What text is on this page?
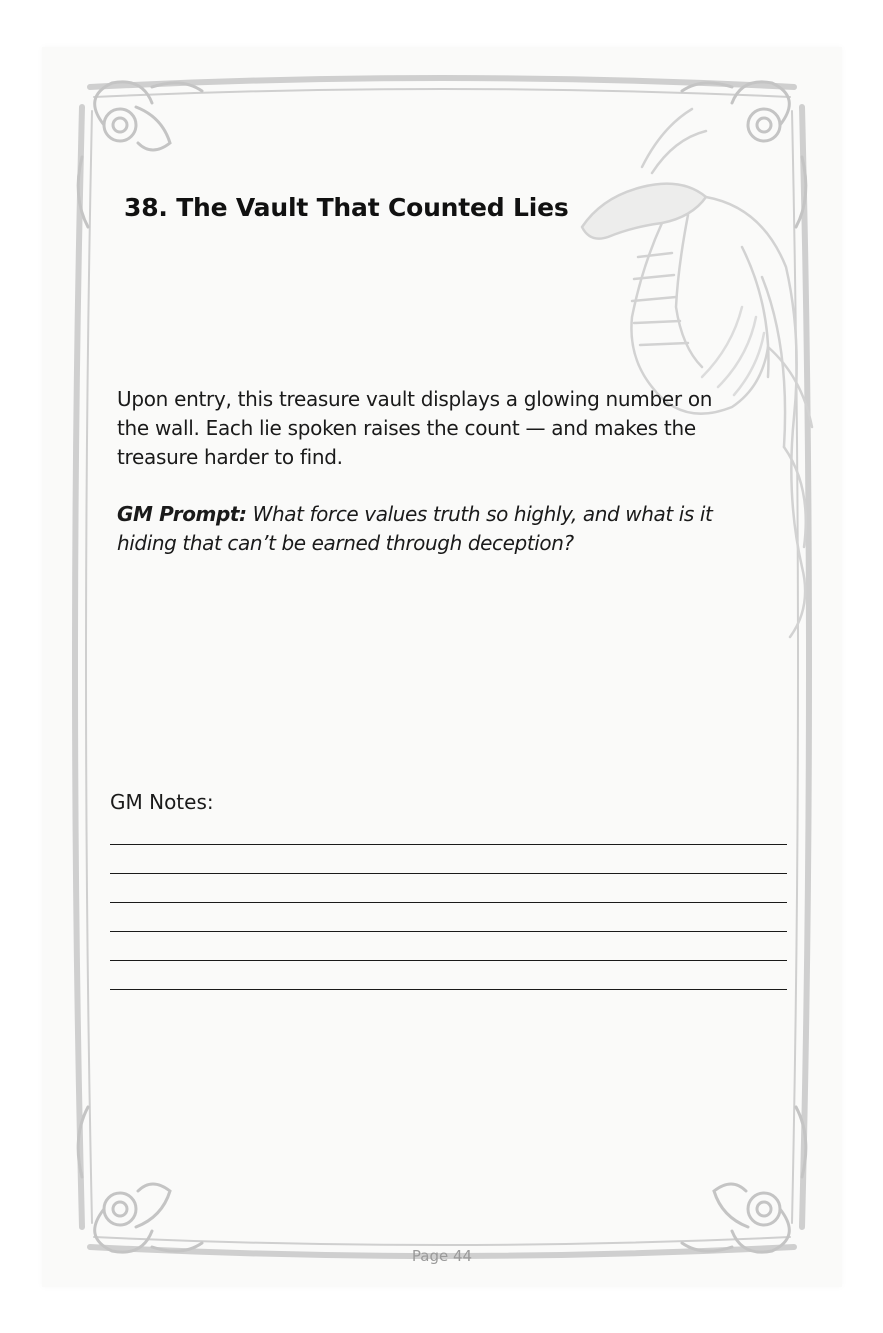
38. The Vault That Counted Lies

Upon entry, this treasure vault displays a glowing number on the wall. Each lie spoken raises the count — and makes the treasure harder to find.

GM Prompt: What force values truth so highly, and what is it hiding that can’t be earned through deception?

GM Notes:

Page 44
